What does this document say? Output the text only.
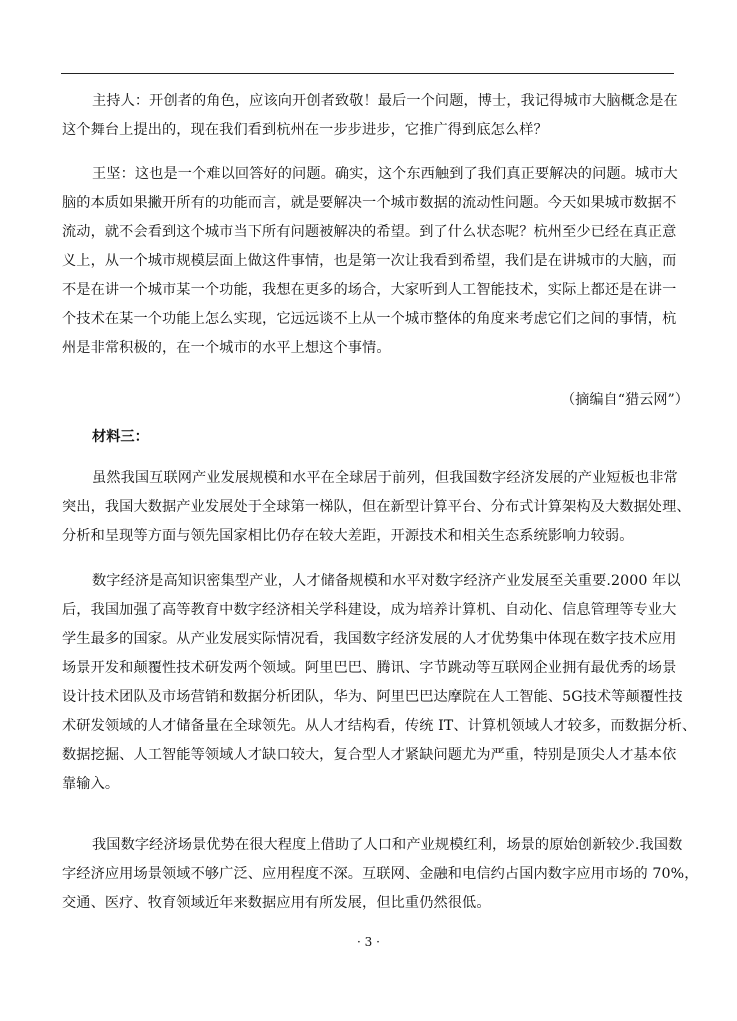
主持人：开创者的角色，应该向开创者致敬！最后一个问题，博士，我记得城市大脑概念是在
这个舞台上提出的，现在我们看到杭州在一步步进步，它推广得到底怎么样？

王坚：这也是一个难以回答好的问题。确实，这个东西触到了我们真正要解决的问题。城市大
脑的本质如果撇开所有的功能而言，就是要解决一个城市数据的流动性问题。今天如果城市数据不
流动，就不会看到这个城市当下所有问题被解决的希望。到了什么状态呢？杭州至少已经在真正意
义上，从一个城市规模层面上做这件事情，也是第一次让我看到希望，我们是在讲城市的大脑，而
不是在讲一个城市某一个功能，我想在更多的场合，大家听到人工智能技术，实际上都还是在讲一
个技术在某一个功能上怎么实现，它远远谈不上从一个城市整体的角度来考虑它们之间的事情，杭
州是非常积极的，在一个城市的水平上想这个事情。

（摘编自“猎云网”）
材料三：

虽然我国互联网产业发展规模和水平在全球居于前列，但我国数字经济发展的产业短板也非常
突出，我国大数据产业发展处于全球第一梯队，但在新型计算平台、分布式计算架构及大数据处理、
分析和呈现等方面与领先国家相比仍存在较大差距，开源技术和相关生态系统影响力较弱。

数字经济是高知识密集型产业，人才储备规模和水平对数字经济产业发展至关重要.2000 年以
后，我国加强了高等教育中数字经济相关学科建设，成为培养计算机、自动化、信息管理等专业大
学生最多的国家。从产业发展实际情况看，我国数字经济发展的人才优势集中体现在数字技术应用
场景开发和颠覆性技术研发两个领域。阿里巴巴、腾讯、字节跳动等互联网企业拥有最优秀的场景
设计技术团队及市场营销和数据分析团队，华为、阿里巴巴达摩院在人工智能、5G技术等颠覆性技
术研发领域的人才储备量在全球领先。从人才结构看，传统 IT、计算机领域人才较多，而数据分析、
数据挖掘、人工智能等领域人才缺口较大，复合型人才紧缺问题尤为严重，特别是顶尖人才基本依
靠输入。

我国数字经济场景优势在很大程度上借助了人口和产业规模红利，场景的原始创新较少.我国数
字经济应用场景领域不够广泛、应用程度不深。互联网、金融和电信约占国内数字应用市场的 70%，
交通、医疗、牧育领域近年来数据应用有所发展，但比重仍然很低。

· 3 ·
